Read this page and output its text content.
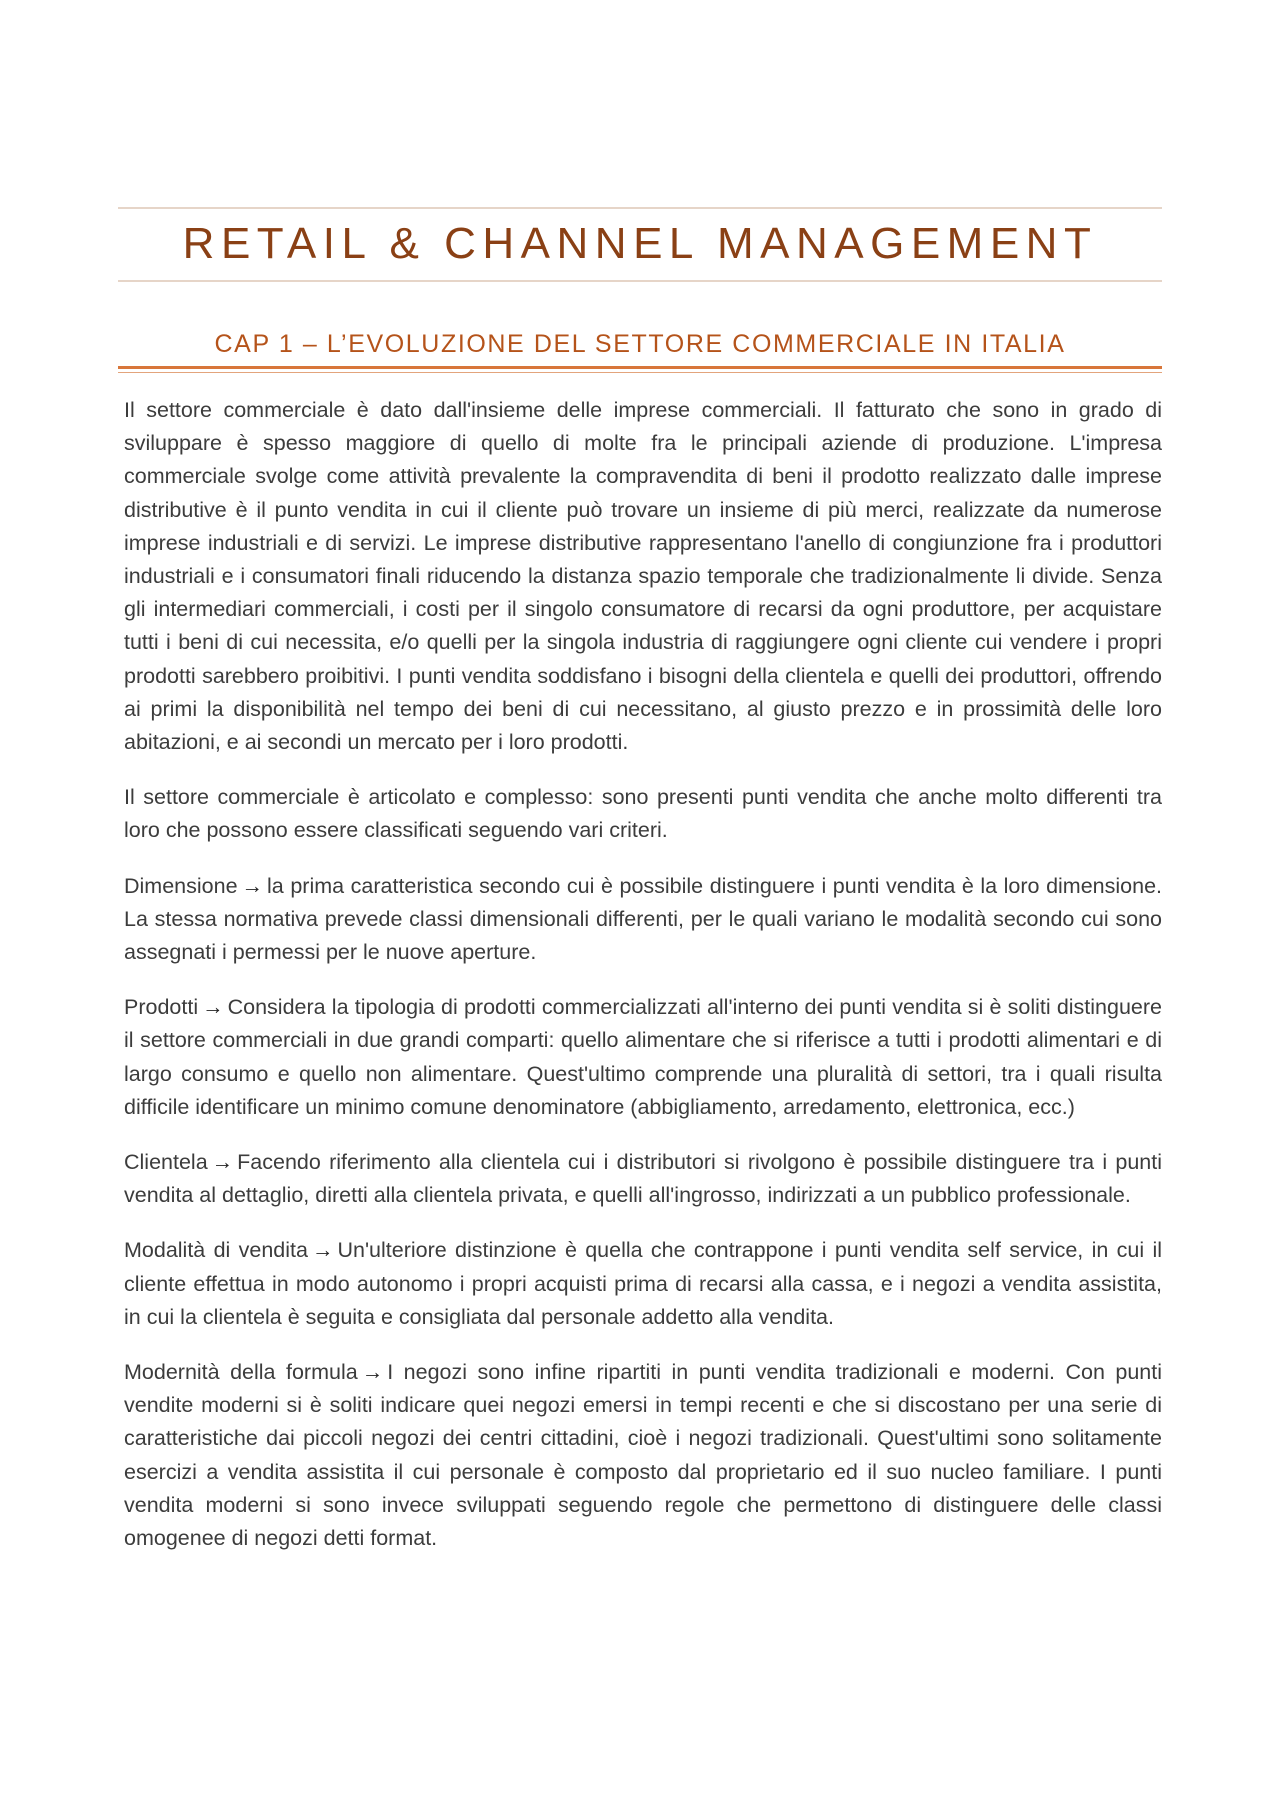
RETAIL & CHANNEL MANAGEMENT
CAP 1 – L’EVOLUZIONE DEL SETTORE COMMERCIALE IN ITALIA

Il settore commerciale è dato dall'insieme delle imprese commerciali. Il fatturato che sono in grado di sviluppare è spesso maggiore di quello di molte fra le principali aziende di produzione. L'impresa commerciale svolge come attività prevalente la compravendita di beni il prodotto realizzato dalle imprese distributive è il punto vendita in cui il cliente può trovare un insieme di più merci, realizzate da numerose imprese industriali e di servizi. Le imprese distributive rappresentano l'anello di congiunzione fra i produttori industriali e i consumatori finali riducendo la distanza spazio temporale che tradizionalmente li divide. Senza gli intermediari commerciali, i costi per il singolo consumatore di recarsi da ogni produttore, per acquistare tutti i beni di cui necessita, e/o quelli per la singola industria di raggiungere ogni cliente cui vendere i propri prodotti sarebbero proibitivi. I punti vendita soddisfano i bisogni della clientela e quelli dei produttori, offrendo ai primi la disponibilità nel tempo dei beni di cui necessitano, al giusto prezzo e in prossimità delle loro abitazioni, e ai secondi un mercato per i loro prodotti.

Il settore commerciale è articolato e complesso: sono presenti punti vendita che anche molto differenti tra loro che possono essere classificati seguendo vari criteri.

Dimensione → la prima caratteristica secondo cui è possibile distinguere i punti vendita è la loro dimensione. La stessa normativa prevede classi dimensionali differenti, per le quali variano le modalità secondo cui sono assegnati i permessi per le nuove aperture.

Prodotti → Considera la tipologia di prodotti commercializzati all'interno dei punti vendita si è soliti distinguere il settore commerciali in due grandi comparti: quello alimentare che si riferisce a tutti i prodotti alimentari e di largo consumo e quello non alimentare. Quest'ultimo comprende una pluralità di settori, tra i quali risulta difficile identificare un minimo comune denominatore (abbigliamento, arredamento, elettronica, ecc.)

Clientela → Facendo riferimento alla clientela cui i distributori si rivolgono è possibile distinguere tra i punti vendita al dettaglio, diretti alla clientela privata, e quelli all'ingrosso, indirizzati a un pubblico professionale.

Modalità di vendita → Un'ulteriore distinzione è quella che contrappone i punti vendita self service, in cui il cliente effettua in modo autonomo i propri acquisti prima di recarsi alla cassa, e i negozi a vendita assistita, in cui la clientela è seguita e consigliata dal personale addetto alla vendita.

Modernità della formula → I negozi sono infine ripartiti in punti vendita tradizionali e moderni. Con punti vendite moderni si è soliti indicare quei negozi emersi in tempi recenti e che si discostano per una serie di caratteristiche dai piccoli negozi dei centri cittadini, cioè i negozi tradizionali. Quest'ultimi sono solitamente esercizi a vendita assistita il cui personale è composto dal proprietario ed il suo nucleo familiare. I punti vendita moderni si sono invece sviluppati seguendo regole che permettono di distinguere delle classi omogenee di negozi detti format.
